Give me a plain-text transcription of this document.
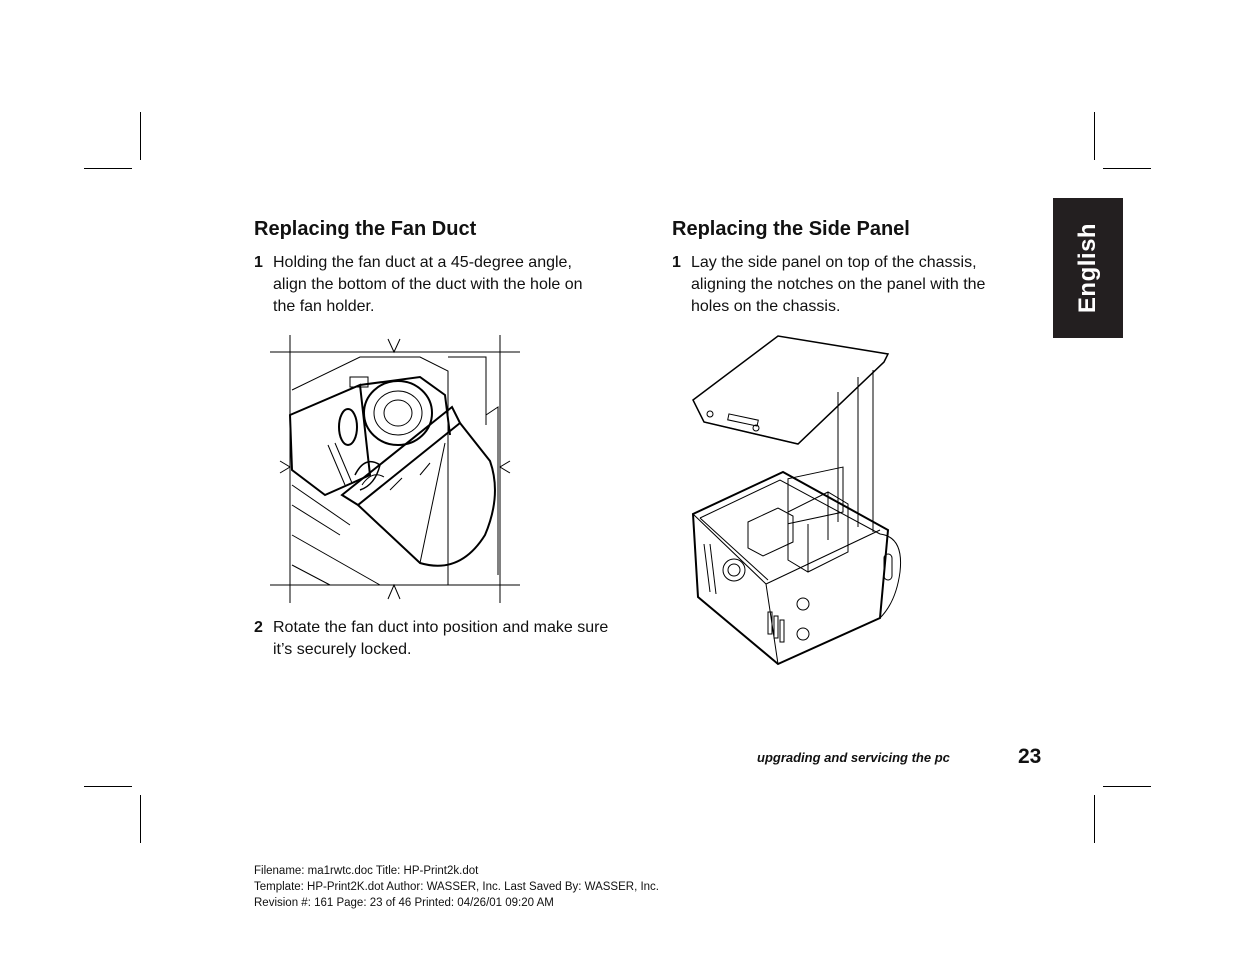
English
Replacing the Fan Duct
1 Holding the fan duct at a 45-degree angle,
align the bottom of the duct with the hole on
the fan holder.
2 Rotate the fan duct into position and make sure
it’s securely locked.
Replacing the Side Panel
1 Lay the side panel on top of the chassis,
aligning the notches on the panel with the
holes on the chassis.
upgrading and servicing the pc	23
Filename: ma1rwtc.doc Title: HP-Print2k.dot
Template: HP-Print2K.dot Author: WASSER, Inc. Last Saved By: WASSER, Inc.
Revision #: 161 Page: 23 of 46 Printed: 04/26/01 09:20 AM
